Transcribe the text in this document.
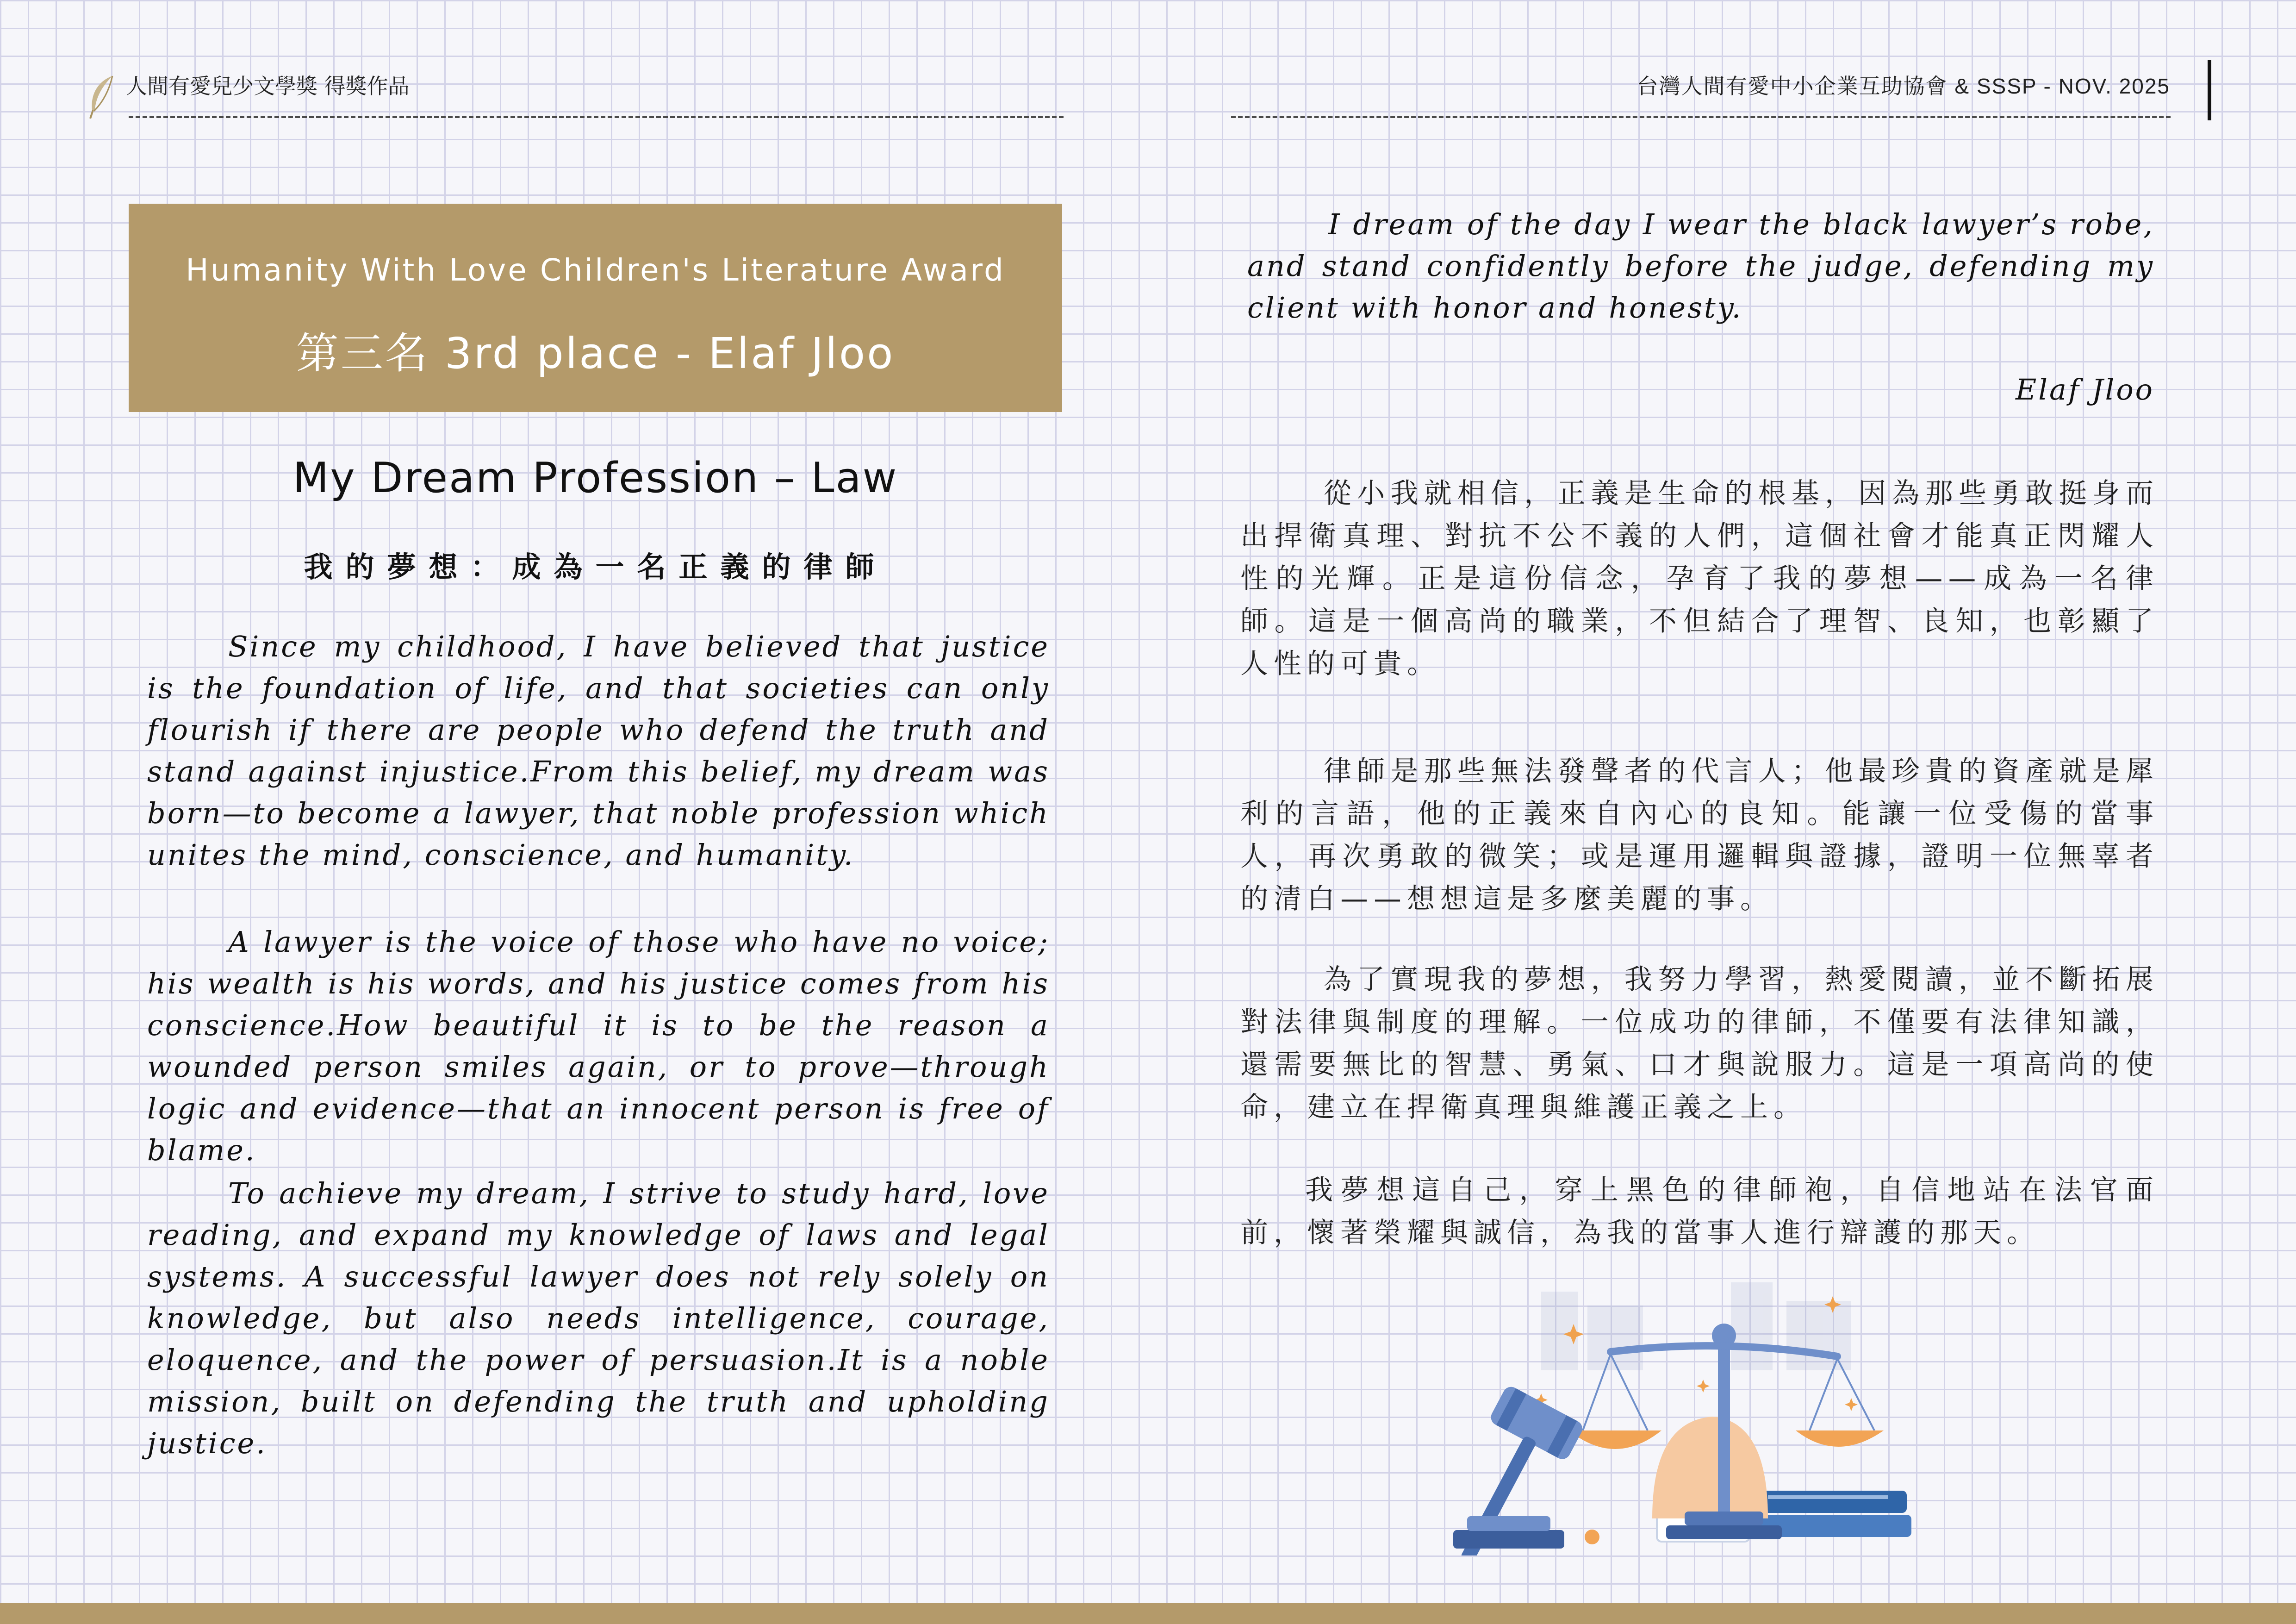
人間有愛兒少文學獎 得獎作品	台灣人間有愛中小企業互助協會 & SSSP - NOV. 2025
Humanity With Love Children's Literature Award
第三名 3rd place - Elaf Jloo
My Dream Profession – Law
我的夢想：成為一名正義的律師

Since my childhood, I have believed that justice is the foundation of life, and that societies can only flourish if there are people who defend the truth and stand against injustice.From this belief, my dream was born—to become a lawyer, that noble profession which unites the mind, conscience, and humanity.

A lawyer is the voice of those who have no voice; his wealth is his words, and his justice comes from his conscience.How beautiful it is to be the reason a wounded person smiles again, or to prove—through logic and evidence—that an innocent person is free of blame.

To achieve my dream, I strive to study hard, love reading, and expand my knowledge of laws and legal systems. A successful lawyer does not rely solely on knowledge, but also needs intelligence, courage, eloquence, and the power of persuasion.It is a noble mission, built on defending the truth and upholding justice.

I dream of the day I wear the black lawyer’s robe, and stand confidently before the judge, defending my client with honor and honesty.

Elaf Jloo

從小我就相信，正義是生命的根基，因為那些勇敢挺身而出捍衛真理、對抗不公不義的人們，這個社會才能真正閃耀人性的光輝。正是這份信念，孕育了我的夢想——成為一名律師。這是一個高尚的職業，不但結合了理智、良知，也彰顯了人性的可貴。

律師是那些無法發聲者的代言人；他最珍貴的資產就是犀利的言語，他的正義來自內心的良知。能讓一位受傷的當事人，再次勇敢的微笑；或是運用邏輯與證據，證明一位無辜者的清白——想想這是多麼美麗的事。

為了實現我的夢想，我努力學習，熱愛閱讀，並不斷拓展對法律與制度的理解。一位成功的律師，不僅要有法律知識，還需要無比的智慧、勇氣、口才與說服力。這是一項高尚的使命，建立在捍衛真理與維護正義之上。

我夢想這自己，穿上黑色的律師袍，自信地站在法官面前，懷著榮耀與誠信，為我的當事人進行辯護的那天。
